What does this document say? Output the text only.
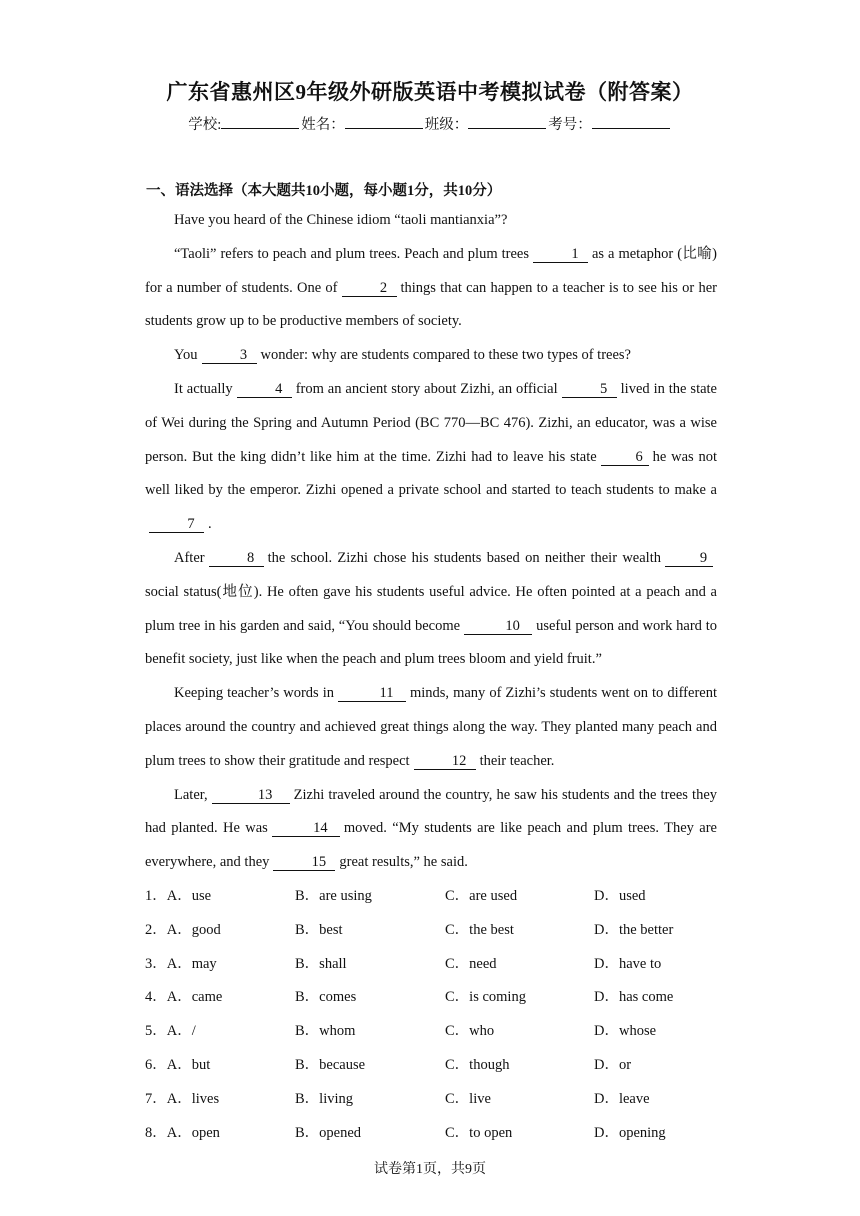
广东省惠州区9年级外研版英语中考模拟试卷（附答案）
学校:	姓名：	班级：	考号：
一、语法选择（本大题共10小题，每小题1分，共10分）

Have you heard of the Chinese idiom “taoli mantianxia”?

“Taoli” refers to peach and plum trees. Peach and plum trees	1 as a metaphor (比喻) for a number of students. One of	2 things that can happen to a teacher is to see his or her students grow up to be productive members of society.

You	3 wonder: why are students compared to these two types of trees?

It actually	4 from an ancient story about Zizhi, an official	5 lived in the state of Wei during the Spring and Autumn Period (BC 770—BC 476). Zizhi, an educator, was a wise person. But the king didn’t like him at the time. Zizhi had to leave his state	6 he was not well liked by the emperor. Zizhi opened a private school and started to teach students to make a7 .

After	8 the school. Zizhi chose his students based on neither their wealth	9social status(地位). He often gave his students useful advice. He often pointed at a peach and a plum tree in his garden and said, “You should become	10 useful person and work hard to benefit society, just like when the peach and plum trees bloom and yield fruit.”

Keeping teacher’s words in	11 minds, many of Zizhi’s students went on to different places around the country and achieved great things along the way. They planted many peach and plum trees to show their gratitude and respect	12 their teacher.

Later,	13 Zizhi traveled around the country, he saw his students and the trees they had planted. He was	14 moved. “My students are like peach and plum trees. They are everywhere, and they	15 great results,” he said.

1．A．use	B．are using	C．are used	D．used
2．A．good	B．best	C．the best	D．the better
3．A．may	B．shall	C．need	D．have to
4．A．came	B．comes	C．is coming	D．has come
5．A．/	B．whom	C．who	D．whose
6．A．but	B．because	C．though	D．or
7．A．lives	B．living	C．live	D．leave
8．A．open	B．opened	C．to open	D．opening
试卷第1页，共9页
